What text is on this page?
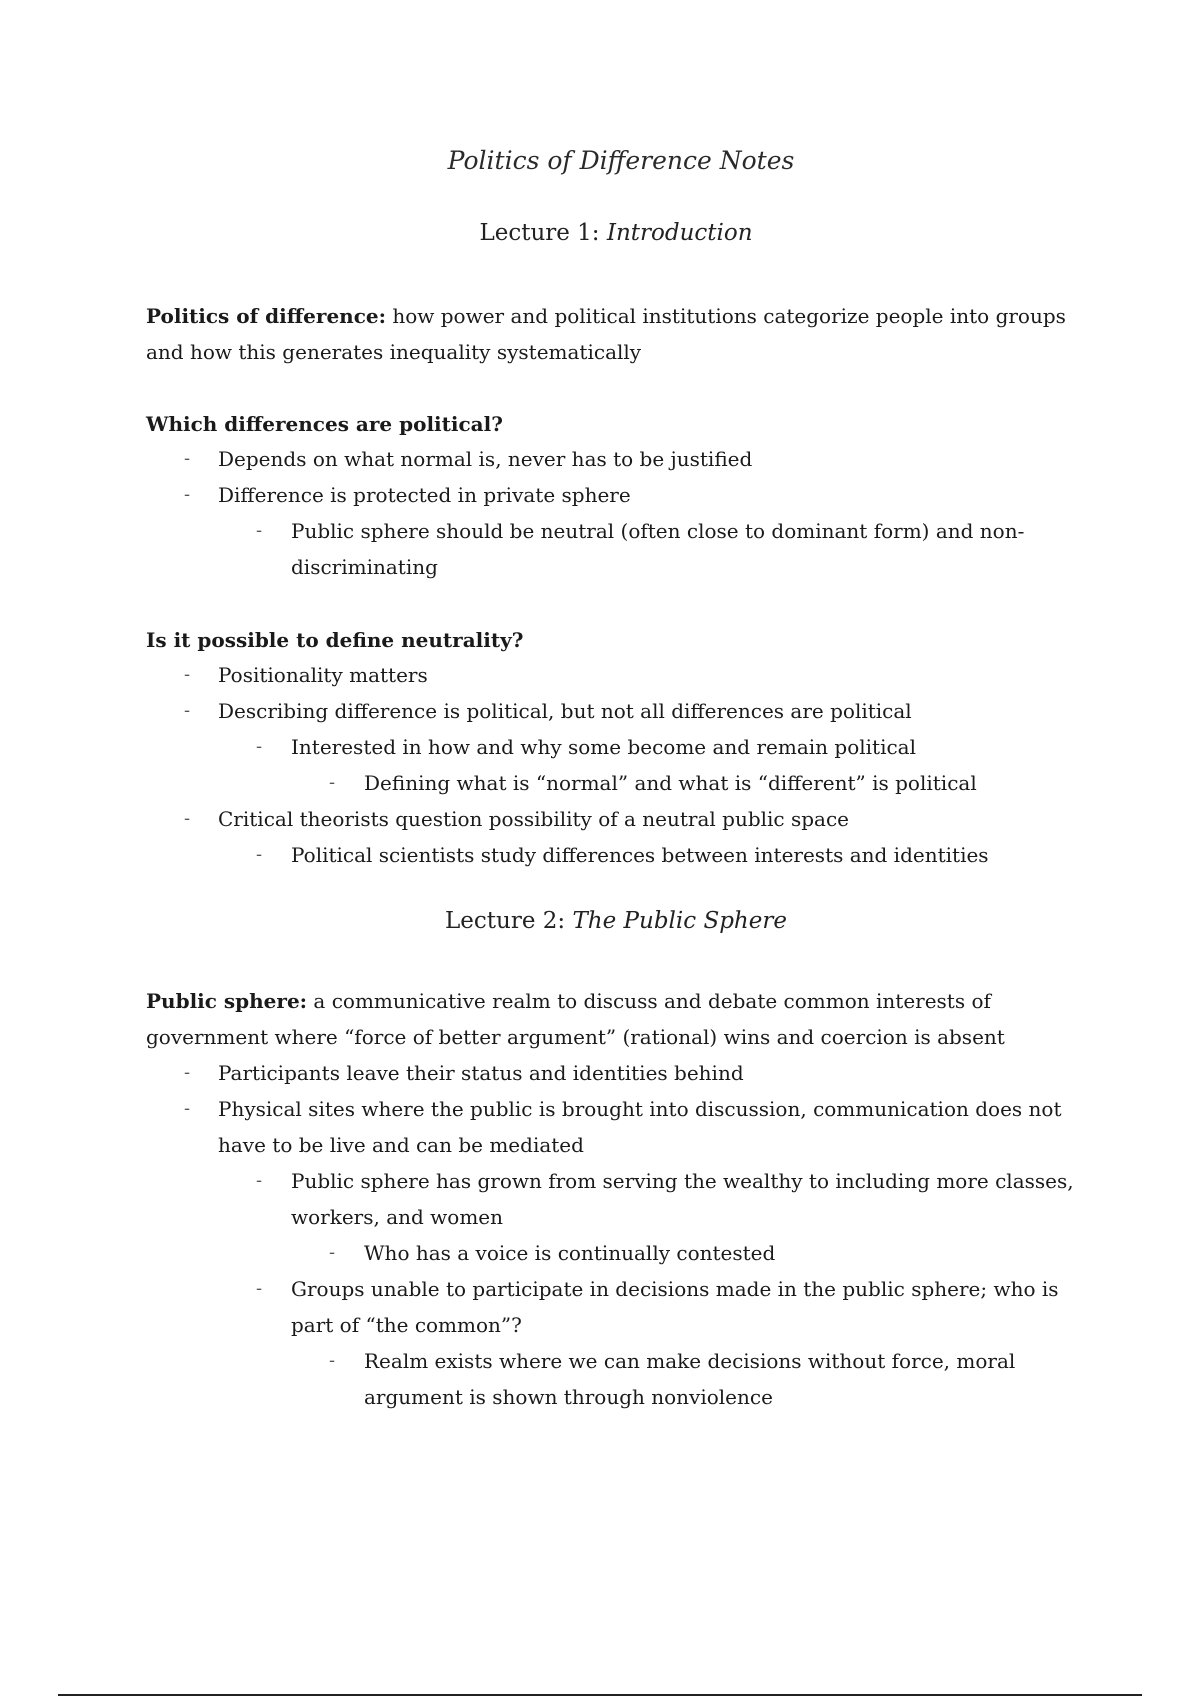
Politics of Difference Notes
Lecture 1: Introduction
Politics of difference: how power and political institutions categorize people into groups and how this generates inequality systematically
Which differences are political?
- Depends on what normal is, never has to be justified
- Difference is protected in private sphere
- Public sphere should be neutral (often close to dominant form) and non-discriminating
Is it possible to define neutrality?
- Positionality matters
- Describing difference is political, but not all differences are political
- Interested in how and why some become and remain political
- Defining what is “normal” and what is “different” is political
- Critical theorists question possibility of a neutral public space
- Political scientists study differences between interests and identities
Lecture 2: The Public Sphere
Public sphere: a communicative realm to discuss and debate common interests of government where “force of better argument” (rational) wins and coercion is absent
- Participants leave their status and identities behind
- Physical sites where the public is brought into discussion, communication does not have to be live and can be mediated
- Public sphere has grown from serving the wealthy to including more classes, workers, and women
- Who has a voice is continually contested
- Groups unable to participate in decisions made in the public sphere; who is part of “the common”?
- Realm exists where we can make decisions without force, moral argument is shown through nonviolence
